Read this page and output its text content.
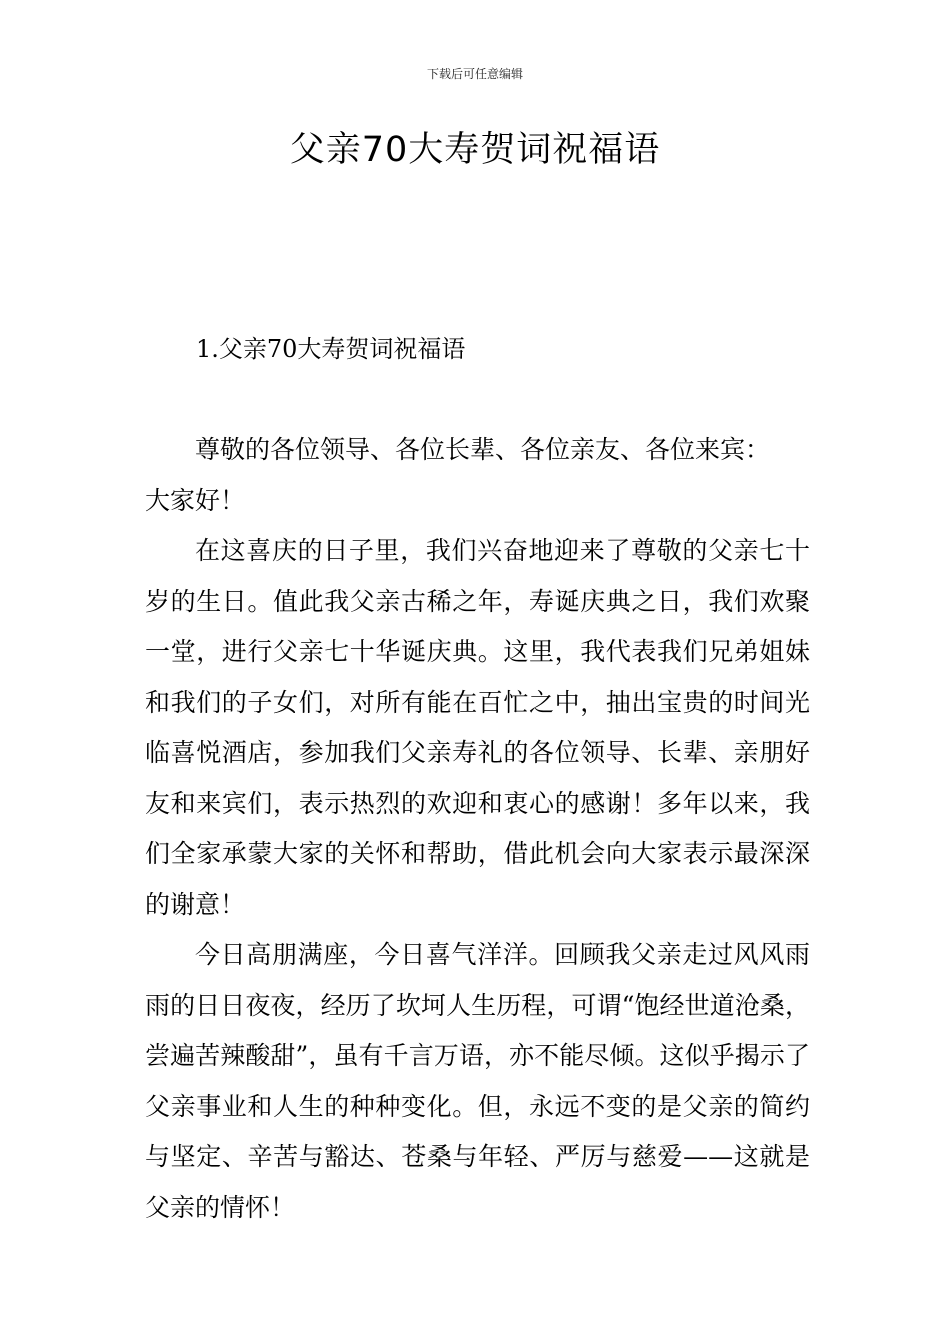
下载后可任意编辑
父亲70大寿贺词祝福语
1.父亲70大寿贺词祝福语

尊敬的各位领导、各位长辈、各位亲友、各位来宾：

大家好！

在这喜庆的日子里，我们兴奋地迎来了尊敬的父亲七十岁的生日。值此我父亲古稀之年，寿诞庆典之日，我们欢聚一堂，进行父亲七十华诞庆典。这里，我代表我们兄弟姐妹和我们的子女们，对所有能在百忙之中，抽出宝贵的时间光临喜悦酒店，参加我们父亲寿礼的各位领导、长辈、亲朋好友和来宾们，表示热烈的欢迎和衷心的感谢！多年以来，我们全家承蒙大家的关怀和帮助，借此机会向大家表示最深深的谢意！

今日高朋满座，今日喜气洋洋。回顾我父亲走过风风雨雨的日日夜夜，经历了坎坷人生历程，可谓“饱经世道沧桑，尝遍苦辣酸甜”，虽有千言万语，亦不能尽倾。这似乎揭示了父亲事业和人生的种种变化。但，永远不变的是父亲的简约与坚定、辛苦与豁达、苍桑与年轻、严厉与慈爱——这就是父亲的情怀！
